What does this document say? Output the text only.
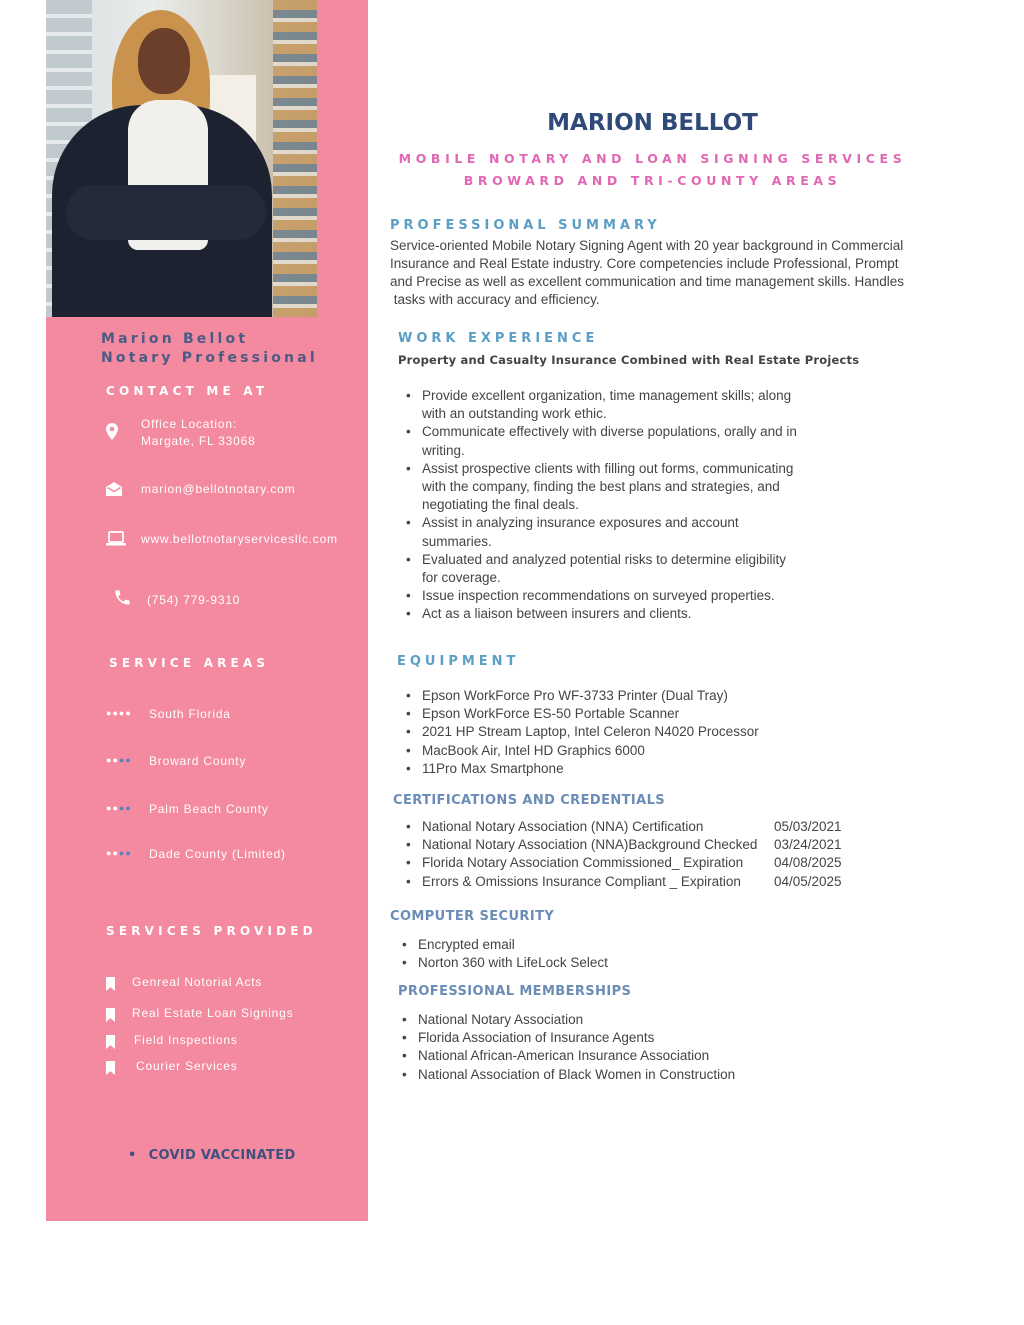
Marion Bellot
Notary Professional

CONTACT ME AT

Office Location:
Margate, FL 33068

marion@bellotnotary.com

www.bellotnotaryservicesllc.com

(754) 779-9310

SERVICE AREAS

●●●● South Florida

●●●● Broward County

●●●● Palm Beach County

●●●● Dade County (Limited)

SERVICES PROVIDED

Genreal Notorial Acts

Real Estate Loan Signings

Field Inspections

Courier Services

• COVID VACCINATED

MARION BELLOT

MOBILE NOTARY AND LOAN SIGNING SERVICES

BROWARD AND TRI-COUNTY AREAS

PROFESSIONAL SUMMARY

Service-oriented Mobile Notary Signing Agent with 20 year background in Commercial
Insurance and Real Estate industry. Core competencies include Professional, Prompt
and Precise as well as excellent communication and time management skills. Handles
tasks with accuracy and efficiency.

WORK EXPERIENCE

Property and Casualty Insurance Combined with Real Estate Projects

• Provide excellent organization, time management skills; along
with an outstanding work ethic.
• Communicate effectively with diverse populations, orally and in
writing.
• Assist prospective clients with filling out forms, communicating
with the company, finding the best plans and strategies, and
negotiating the final deals.
• Assist in analyzing insurance exposures and account
summaries.
• Evaluated and analyzed potential risks to determine eligibility
for coverage.
• Issue inspection recommendations on surveyed properties.
• Act as a liaison between insurers and clients.

EQUIPMENT

• Epson WorkForce Pro WF-3733 Printer (Dual Tray)
• Epson WorkForce ES-50 Portable Scanner
• 2021 HP Stream Laptop, Intel Celeron N4020 Processor
• MacBook Air, Intel HD Graphics 6000
• 11Pro Max Smartphone

CERTIFICATIONS AND CREDENTIALS

• National Notary Association (NNA) Certification	05/03/2021
• National Notary Association (NNA)Background Checked	03/24/2021
• Florida Notary Association Commissioned_ Expiration	04/08/2025
• Errors & Omissions Insurance Compliant _ Expiration	04/05/2025

COMPUTER SECURITY

• Encrypted email
• Norton 360 with LifeLock Select

PROFESSIONAL MEMBERSHIPS

• National Notary Association
• Florida Association of Insurance Agents
• National African-American Insurance Association
• National Association of Black Women in Construction
